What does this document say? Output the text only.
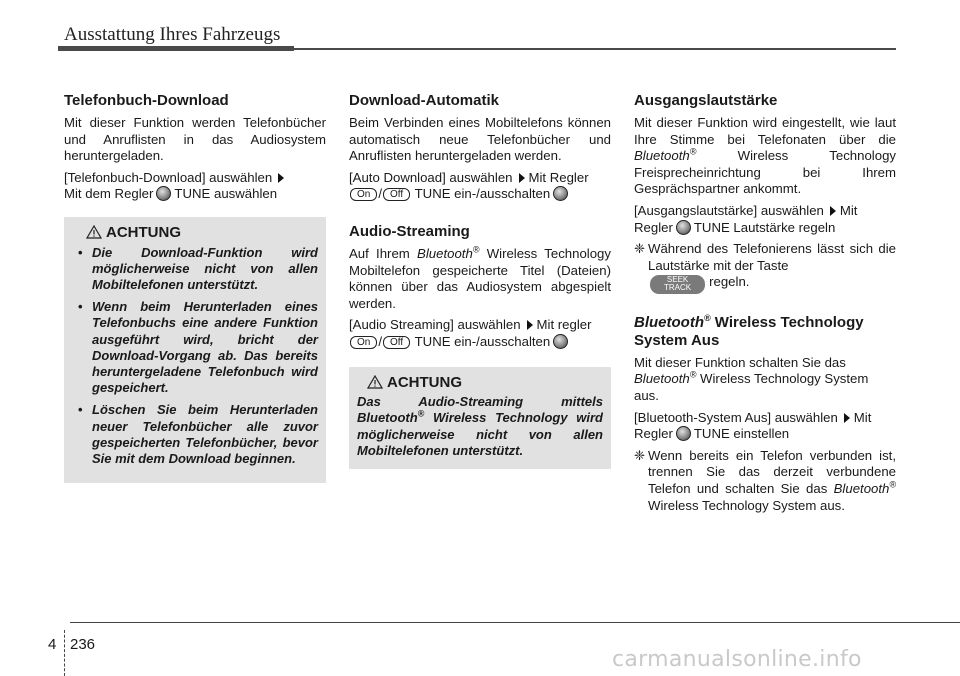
Ausstattung Ihres Fahrzeugs
Telefonbuch-Download

Mit dieser Funktion werden Telefonbücher und Anruflisten in das Audiosystem heruntergeladen.

[Telefonbuch-Download] auswählen
Mit dem Regler TUNE auswählen

ACHTUNG
• Die Download-Funktion wird möglicherweise nicht von allen Mobiltelefonen unterstützt.
• Wenn beim Herunterladen eines Telefonbuchs eine andere Funktion ausgeführt wird, bricht der Download-Vorgang ab. Das bereits heruntergeladene Telefonbuch wird gespeichert.
• Löschen Sie beim Herunterladen neuer Telefonbücher alle zuvor gespeicherten Telefonbücher, bevor Sie mit dem Download beginnen.
Download-Automatik

Beim Verbinden eines Mobiltelefons können automatisch neue Telefonbücher und Anruflisten heruntergeladen werden.

[Auto Download] auswählen Mit Regler
On / Off TUNE ein-/ausschalten

Audio-Streaming

Auf Ihrem Bluetooth® Wireless Technology Mobiltelefon gespeicherte Titel (Dateien) können über das Audiosystem abgespielt werden.

[Audio Streaming] auswählen Mit regler
On / Off TUNE ein-/ausschalten

ACHTUNG

Das Audio-Streaming mittels Bluetooth® Wireless Technology wird möglicherweise nicht von allen Mobiltelefonen unterstützt.

Ausgangslautstärke

Mit dieser Funktion wird eingestellt, wie laut Ihre Stimme bei Telefonaten über die Bluetooth®	Wireless Technology Freisprecheinrichtung bei Ihrem Gesprächspartner ankommt.

[Ausgangslautstärke] auswählen Mit Regler TUNE Lautstärke regeln

❈ Während des Telefonierens lässt sich die Lautstärke mit der Taste
SEEK
TRACK regeln.

Bluetooth® Wireless Technology System Aus

Mit dieser Funktion schalten Sie das Bluetooth® Wireless Technology System aus.

[Bluetooth-System Aus] auswählen Mit Regler TUNE einstellen

❈ Wenn bereits ein Telefon verbunden ist, trennen Sie das derzeit verbundene Telefon und schalten Sie das Bluetooth® Wireless Technology System aus.

4 236
carmanualsonline.info
